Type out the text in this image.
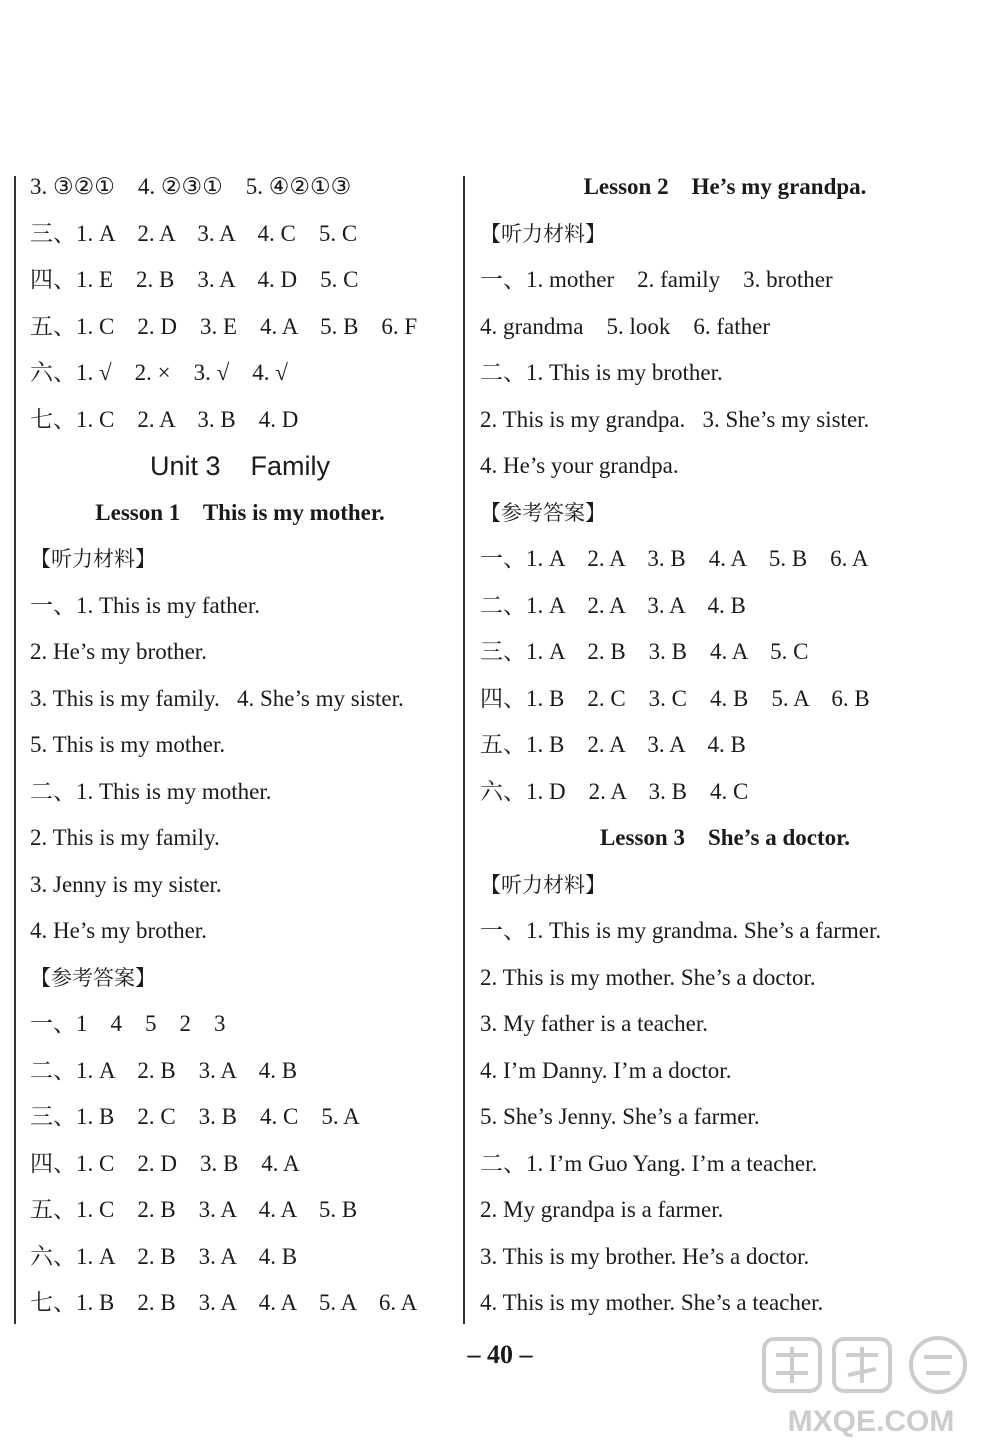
3. ③②①    4. ②③①    5. ④②①③
三、1. A    2. A    3. A    4. C    5. C
四、1. E    2. B    3. A    4. D    5. C
五、1. C    2. D    3. E    4. A    5. B    6. F
六、1. √    2. ×    3. √    4. √
七、1. C    2. A    3. B    4. D
Unit 3    Family
Lesson 1    This is my mother.
【听力材料】
一、1. This is my father.
2. He’s my brother.
3. This is my family.   4. She’s my sister.
5. This is my mother.
二、1. This is my mother.
2. This is my family.
3. Jenny is my sister.
4. He’s my brother.
【参考答案】
一、1    4    5    2    3
二、1. A    2. B    3. A    4. B
三、1. B    2. C    3. B    4. C    5. A
四、1. C    2. D    3. B    4. A
五、1. C    2. B    3. A    4. A    5. B
六、1. A    2. B    3. A    4. B
七、1. B    2. B    3. A    4. A    5. A    6. A
Lesson 2    He’s my grandpa.
【听力材料】
一、1. mother    2. family    3. brother
4. grandma    5. look    6. father
二、1. This is my brother.
2. This is my grandpa.   3. She’s my sister.
4. He’s your grandpa.
【参考答案】
一、1. A    2. A    3. B    4. A    5. B    6. A
二、1. A    2. A    3. A    4. B
三、1. A    2. B    3. B    4. A    5. C
四、1. B    2. C    3. C    4. B    5. A    6. B
五、1. B    2. A    3. A    4. B
六、1. D    2. A    3. B    4. C
Lesson 3    She’s a doctor.
【听力材料】
一、1. This is my grandma. She’s a farmer.
2. This is my mother. She’s a doctor.
3. My father is a teacher.
4. I’m Danny. I’m a doctor.
5. She’s Jenny. She’s a farmer.
二、1. I’m Guo Yang. I’m a teacher.
2. My grandpa is a farmer.
3. This is my brother. He’s a doctor.
4. This is my mother. She’s a teacher.
– 40 –
MXQE.COM
